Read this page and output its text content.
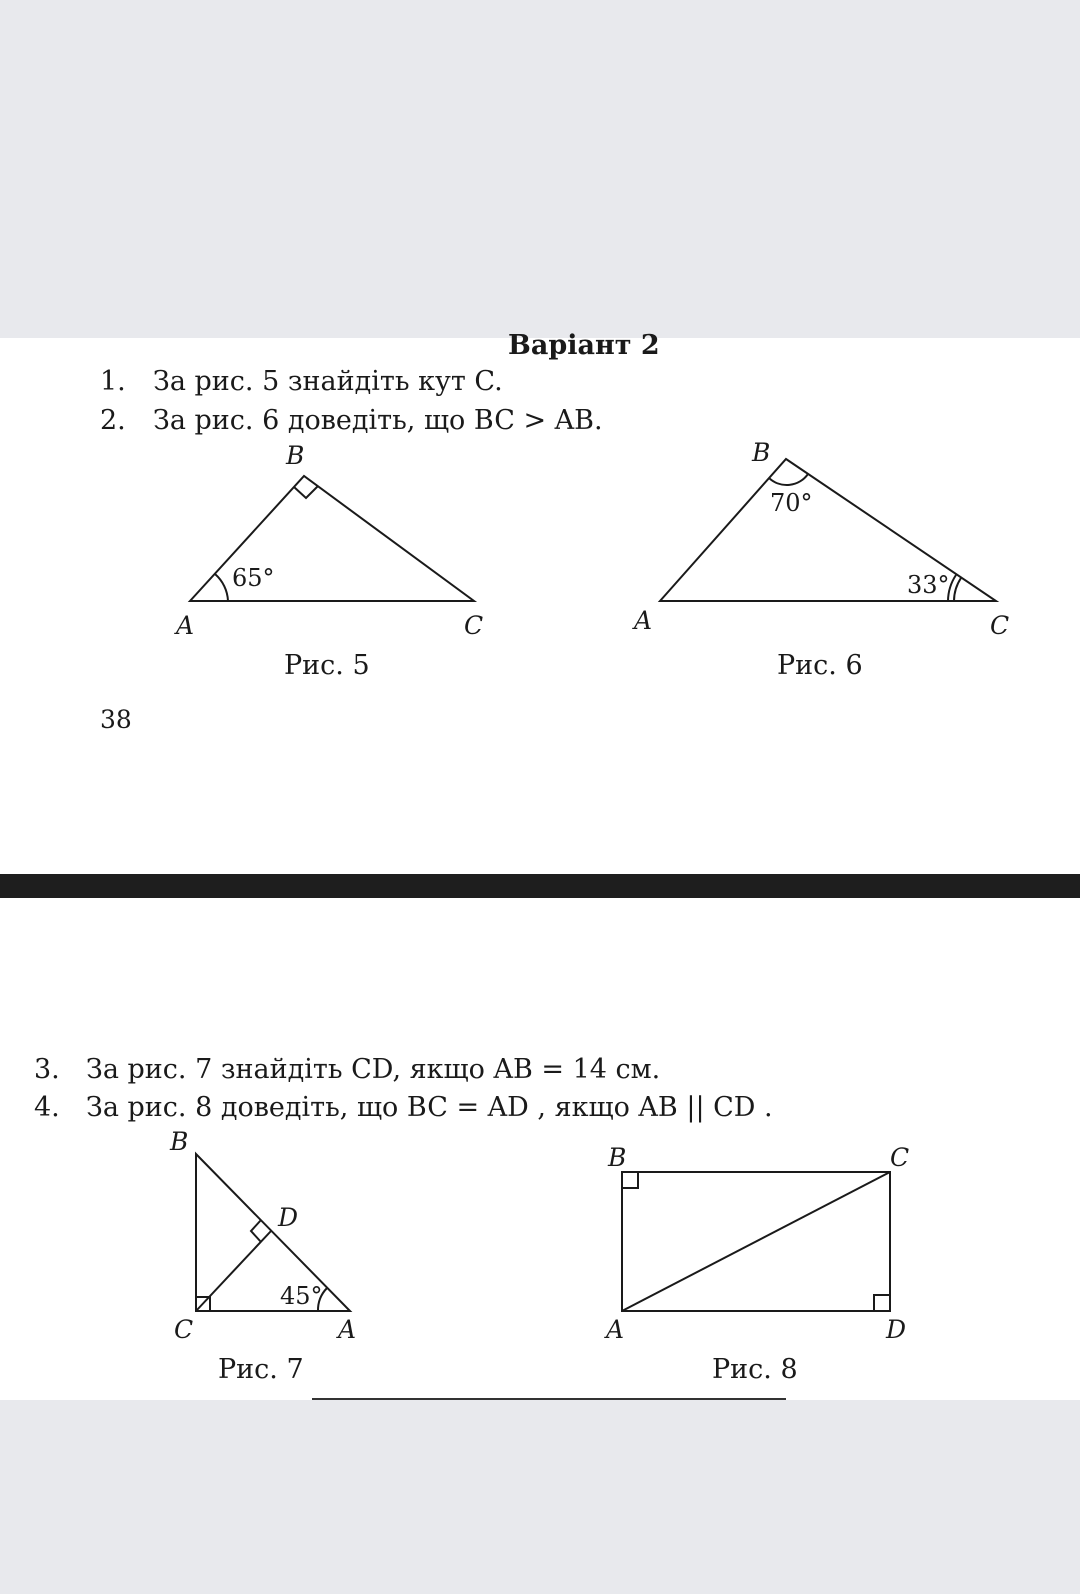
Варіант 2
1. За рис. 5 знайдіть кут C.
2. За рис. 6 доведіть, що BC > AB.
B
A	C
65°
Рис. 5
B
A	C
70°
33°
Рис. 6
38
3. За рис. 7 знайдіть CD, якщо AB = 14 см.
4. За рис. 8 доведіть, що BC = AD , якщо AB || CD .
B
D
C	A
45°
Рис. 7
B	C
A	D
Рис. 8
